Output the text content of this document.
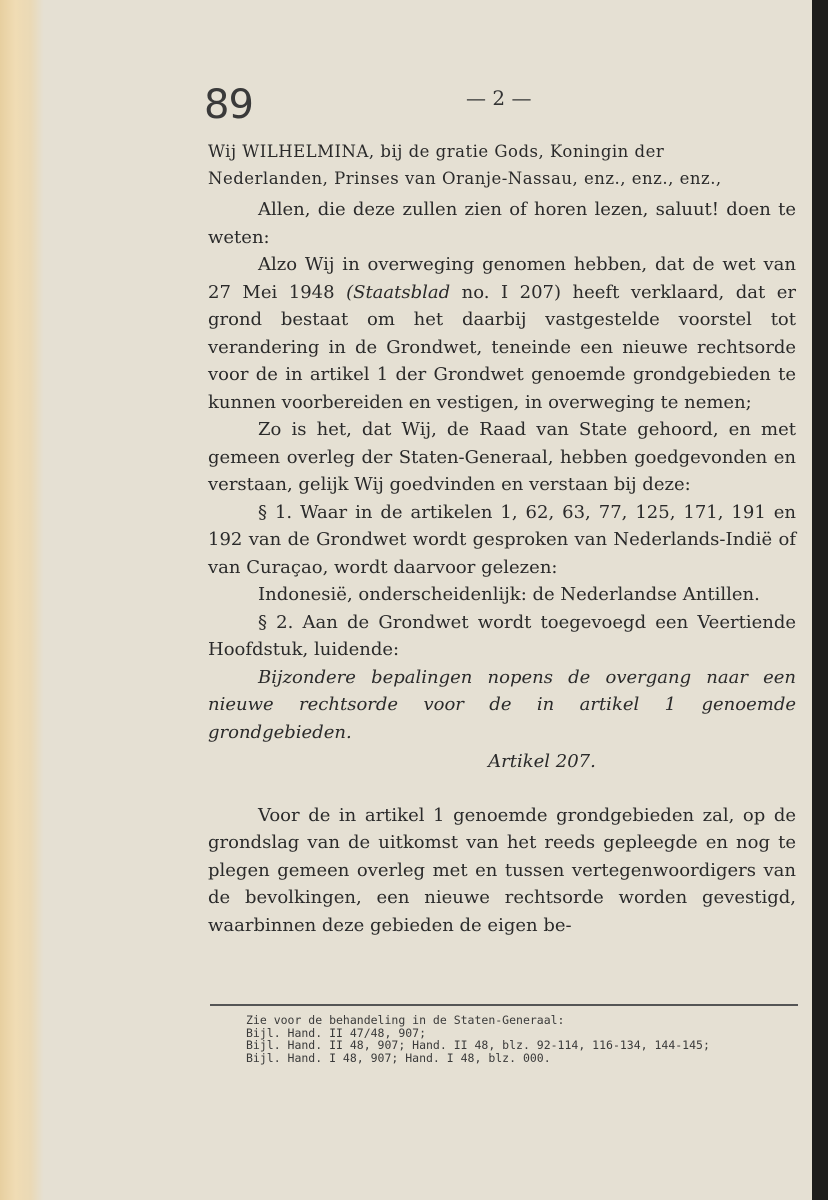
89	— 2 —

Wij WILHELMINA, bij de gratie Gods, Koningin der

Nederlanden, Prinses van Oranje-Nassau, enz., enz., enz.,

Allen, die deze zullen zien of horen lezen, saluut! doen te weten:

Alzo Wij in overweging genomen hebben, dat de wet van 27 Mei 1948 (Staatsblad no. I 207) heeft verklaard, dat er grond bestaat om het daarbij vastgestelde voorstel tot verandering in de Grondwet, teneinde een nieuwe rechtsorde voor de in artikel 1 der Grondwet genoemde grondgebieden te kunnen voorbereiden en vestigen, in overweging te nemen;

Zo is het, dat Wij, de Raad van State gehoord, en met gemeen overleg der Staten-Generaal, hebben goedgevonden en verstaan, gelijk Wij goedvinden en verstaan bij deze:

§ 1. Waar in de artikelen 1, 62, 63, 77, 125, 171, 191 en 192 van de Grondwet wordt gesproken van Nederlands-Indië of van Curaçao, wordt daarvoor gelezen:

Indonesië, onderscheidenlijk: de Nederlandse Antillen.

§ 2. Aan de Grondwet wordt toegevoegd een Veertiende Hoofdstuk, luidende:

Bijzondere bepalingen nopens de overgang naar een nieuwe rechtsorde voor de in artikel 1 genoemde grondgebieden.

Artikel 207.

Voor de in artikel 1 genoemde grondgebieden zal, op de grondslag van de uitkomst van het reeds gepleegde en nog te plegen gemeen overleg met en tussen vertegenwoordigers van de bevolkingen, een nieuwe rechtsorde worden gevestigd, waarbinnen deze gebieden de eigen be-

Zie voor de behandeling in de Staten-Generaal:
Bijl. Hand. II 47/48, 907;
Bijl. Hand. II 48, 907; Hand. II 48, blz. 92-114, 116-134, 144-145;
Bijl. Hand. I 48, 907; Hand. I 48, blz. 000.
